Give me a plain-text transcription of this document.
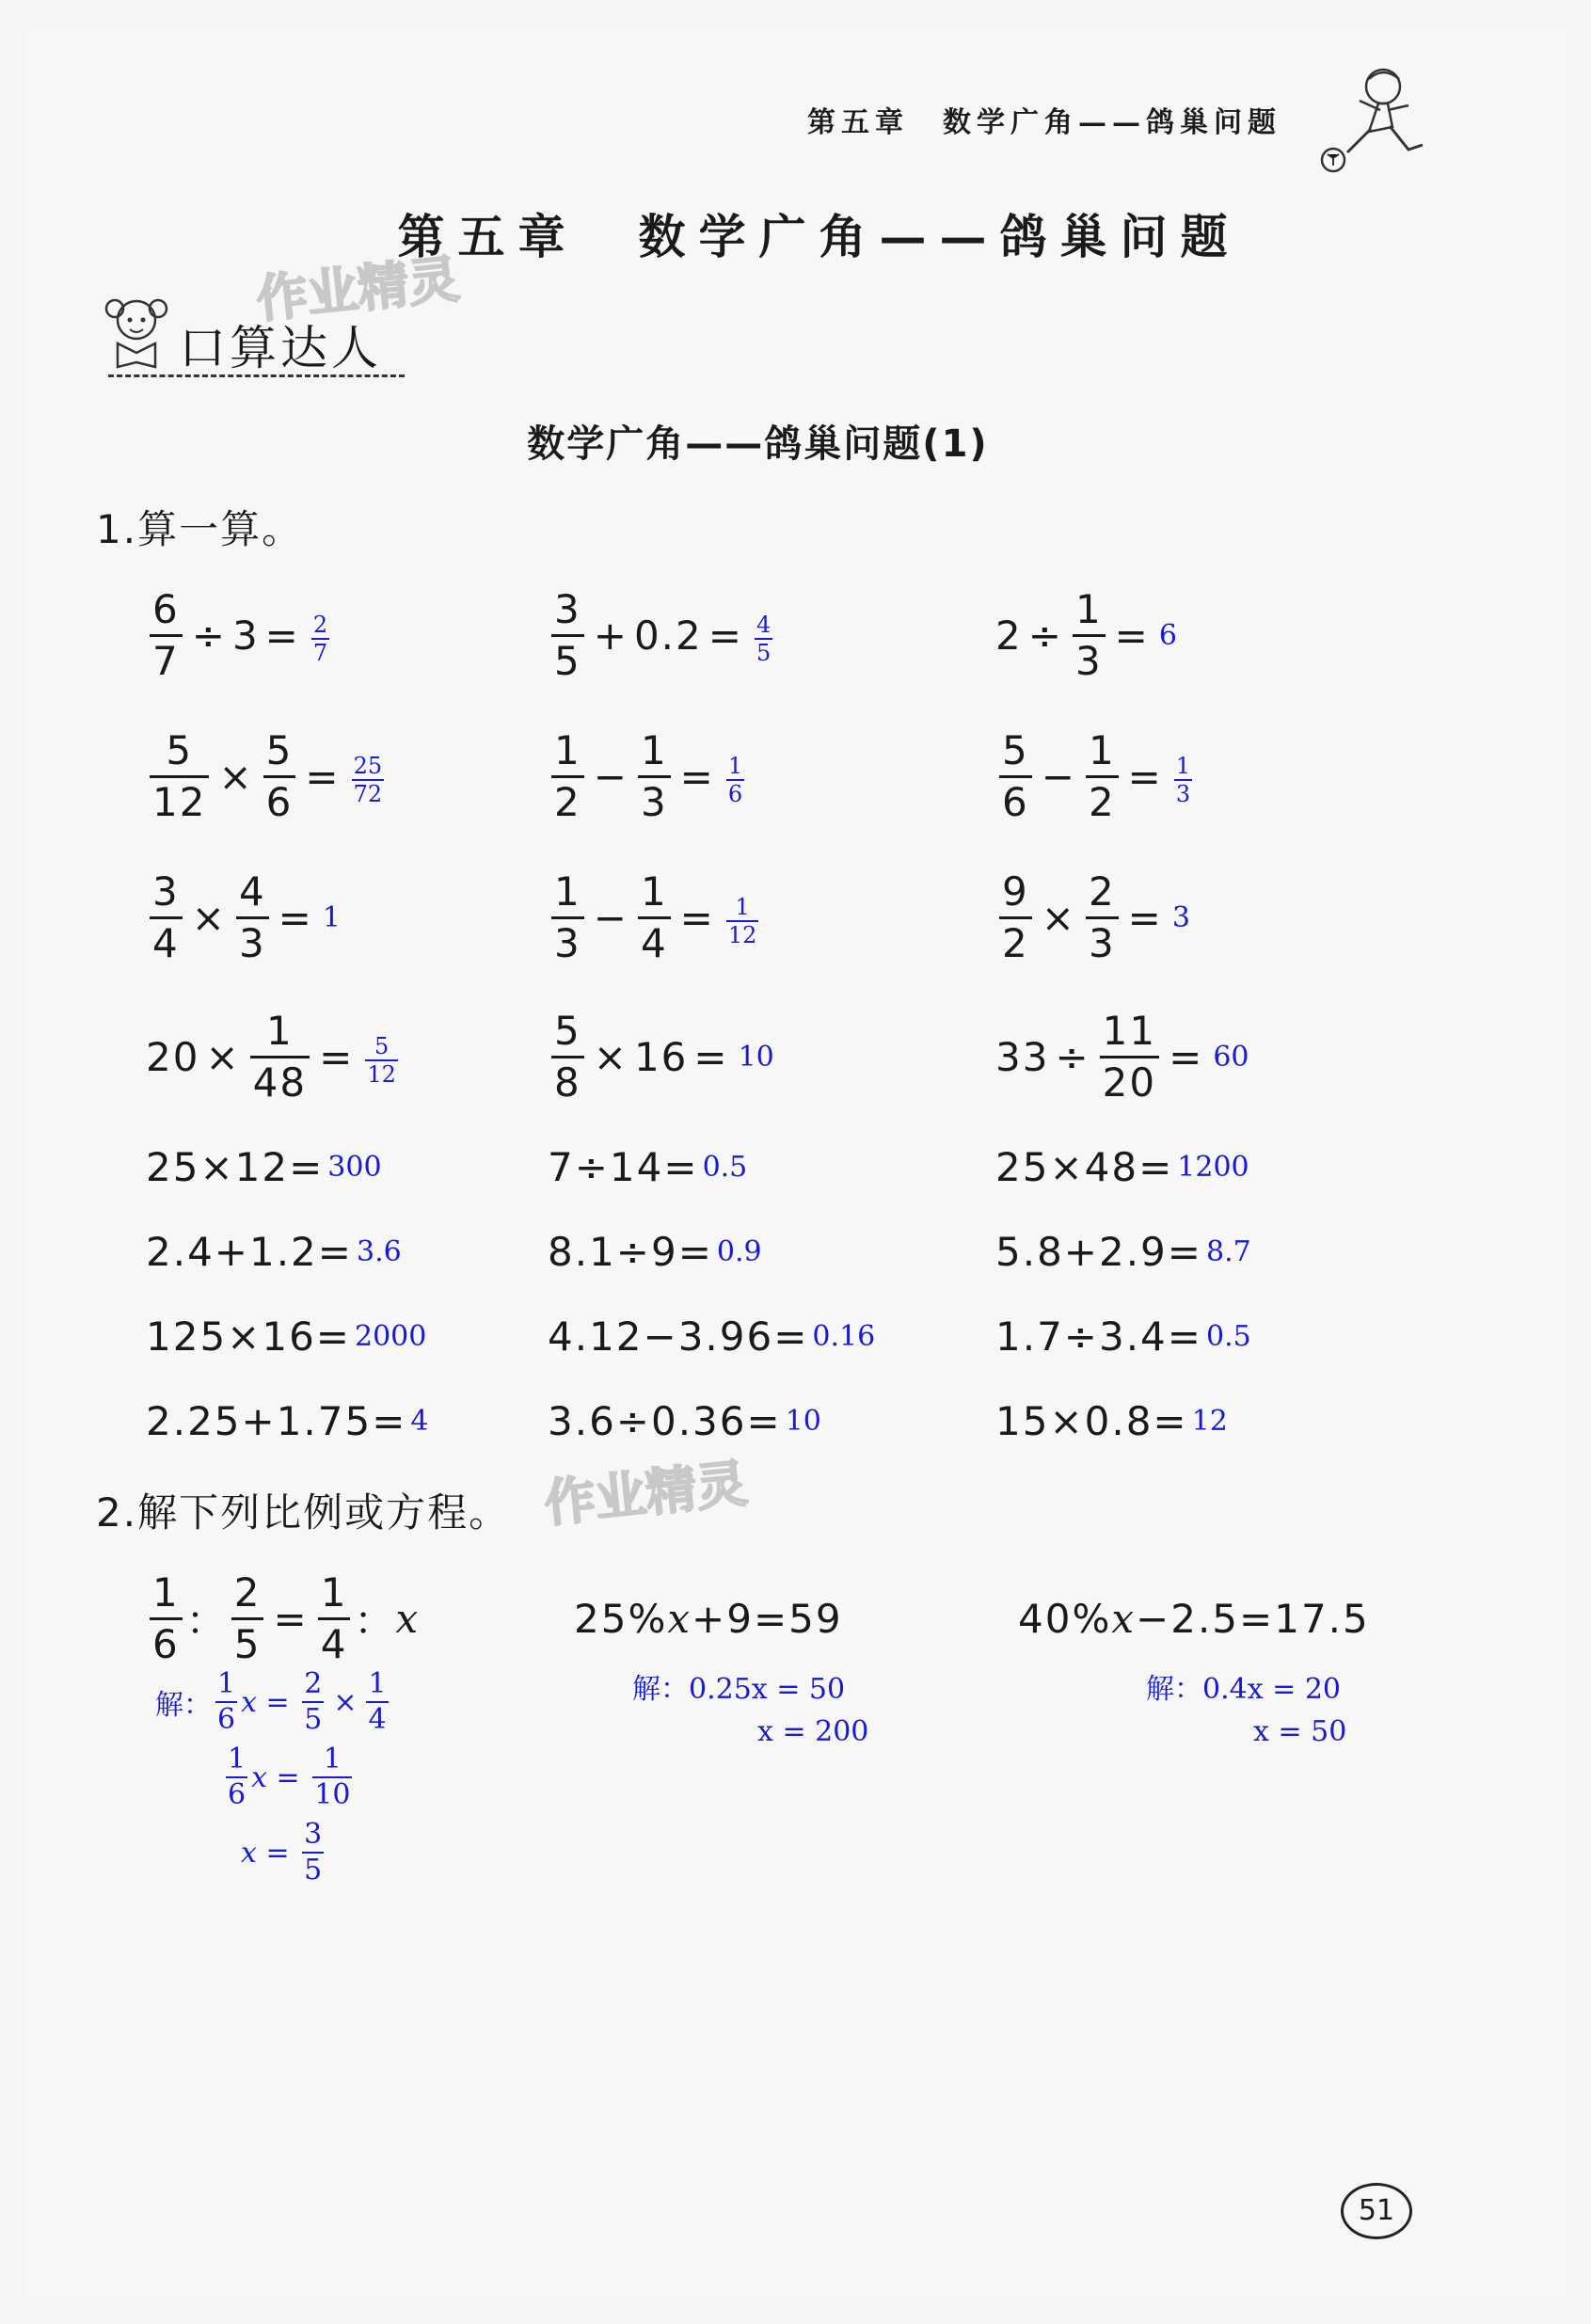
第五章　数学广角——鸽巢问题
第五章　数学广角——鸽巢问题
口算达人
作业精灵
作业精灵
数学广角——鸽巢问题(1)
1.算一算。
$\frac{6}{7} \div 3 = \frac{2}{7}$	$\frac{3}{5} + 0.2 = \frac{4}{5}$	$2 \div \frac{1}{3} = 6$
$\frac{5}{12} \times \frac{5}{6} = \frac{25}{72}$	$\frac{1}{2} - \frac{1}{3} = \frac{1}{6}$	$\frac{5}{6} - \frac{1}{2} = \frac{1}{3}$
$\frac{3}{4} \times \frac{4}{3} = 1$	$\frac{1}{3} - \frac{1}{4} = \frac{1}{12}$	$\frac{9}{2} \times \frac{2}{3} = 3$
$20 \times \frac{1}{48} = \frac{5}{12}$	$\frac{5}{8} \times 16 = 10$	$33 \div \frac{11}{20} = 60$
25×12= 300	7÷14= 0.5	25×48= 1200
2.4+1.2= 3.6	8.1÷9= 0.9	5.8+2.9= 8.7
125×16= 2000	4.12−3.96= 0.16	1.7÷3.4= 0.5
2.25+1.75= 4	3.6÷0.36= 10	15×0.8= 12
2.解下列比例或方程。
$\frac{1}{6}$ ： $\frac{2}{5} = \frac{1}{4}$ ： x
解： $\frac{1}{6}$ x =
$\frac{2}{5} \times \frac{1}{4}$
$\frac{1}{6}$ x =
$\frac{1}{10}$
x =
$\frac{3}{5}$
25% x +9=59
解：0.25x = 50
x = 200
40% x −2.5=17.5
解：0.4x = 20
x = 50
51
